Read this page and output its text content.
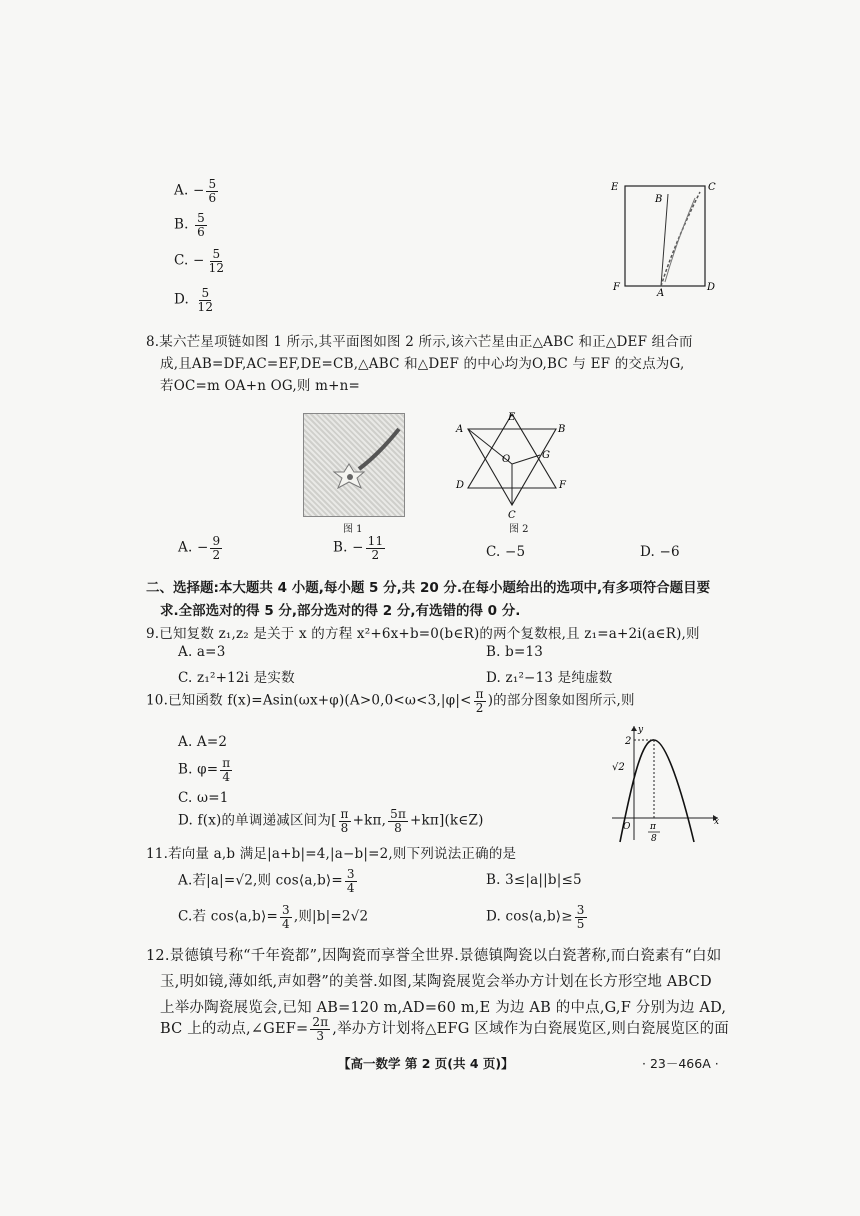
A. − $\frac{5}{6}$
B. $\frac{5}{6}$
C. − $\frac{5}{12}$
D. $\frac{5}{12}$
E	C
B
F
A
D
8.某六芒星项链如图 1 所示,其平面图如图 2 所示,该六芒星由正△ABC 和正△DEF 组合而
成,且AB=DF,AC=EF,DE=CB,△ABC 和△DEF 的中心均为O,BC 与 EF 的交点为G,
若OC=m OA+n OG,则 m+n=
图 1
E
A	B
O	G
D	F
C
图 2
A. − $\frac{9}{2}$	B. − $\frac{11}{2}$	C. −5	D. −6
二、选择题:本大题共 4 小题,每小题 5 分,共 20 分.在每小题给出的选项中,有多项符合题目要
求.全部选对的得 5 分,部分选对的得 2 分,有选错的得 0 分.
9.已知复数 z₁,z₂ 是关于 x 的方程 x²+6x+b=0(b∈R)的两个复数根,且 z₁=a+2i(a∈R),则
A. a=3	B. b=13
C. z₁²+12i 是实数	D. z₁²−13 是纯虚数
10.已知函数 $f(x)=Asin(\omega x+\varphi)(A>0,0<\omega<3,|\varphi|< \frac{\pi}{2}$ )的部分图象如图所示,则
A. A=2
B. $\varphi= \frac{\pi}{4}$
C. ω=1
D. f(x)的单调递减区间为[ $\frac{\pi}{8} +k\pi$, $\frac{5\pi}{8}$ +kπ](k∈Z)	x
y
2
√2
O π
8
11.若向量 a,b 满足|a+b|=4,|a−b|=2,则下列说法正确的是
A.若|a|=√2,则 cos⟨a,b⟩= $\frac{3}{4}$	B. 3≤|a||b|≤5
C.若 cos⟨a,b⟩= $\frac{3}{4}$ ,则|b|=2√2	D. cos⟨a,b⟩≥ $\frac{3}{5}$
12.景德镇号称“千年瓷都”,因陶瓷而享誉全世界.景德镇陶瓷以白瓷著称,而白瓷素有“白如
玉,明如镜,薄如纸,声如磬”的美誉.如图,某陶瓷展览会举办方计划在长方形空地 ABCD
上举办陶瓷展览会,已知 AB=120 m,AD=60 m,E 为边 AB 的中点,G,F 分别为边 AD,
BC 上的动点,∠GEF= $\frac{2\pi}{3}$ ,举办方计划将△EFG 区域作为白瓷展览区,则白瓷展览区的面
【高一数学 第 2 页(共 4 页)】	· 23－466A ·
